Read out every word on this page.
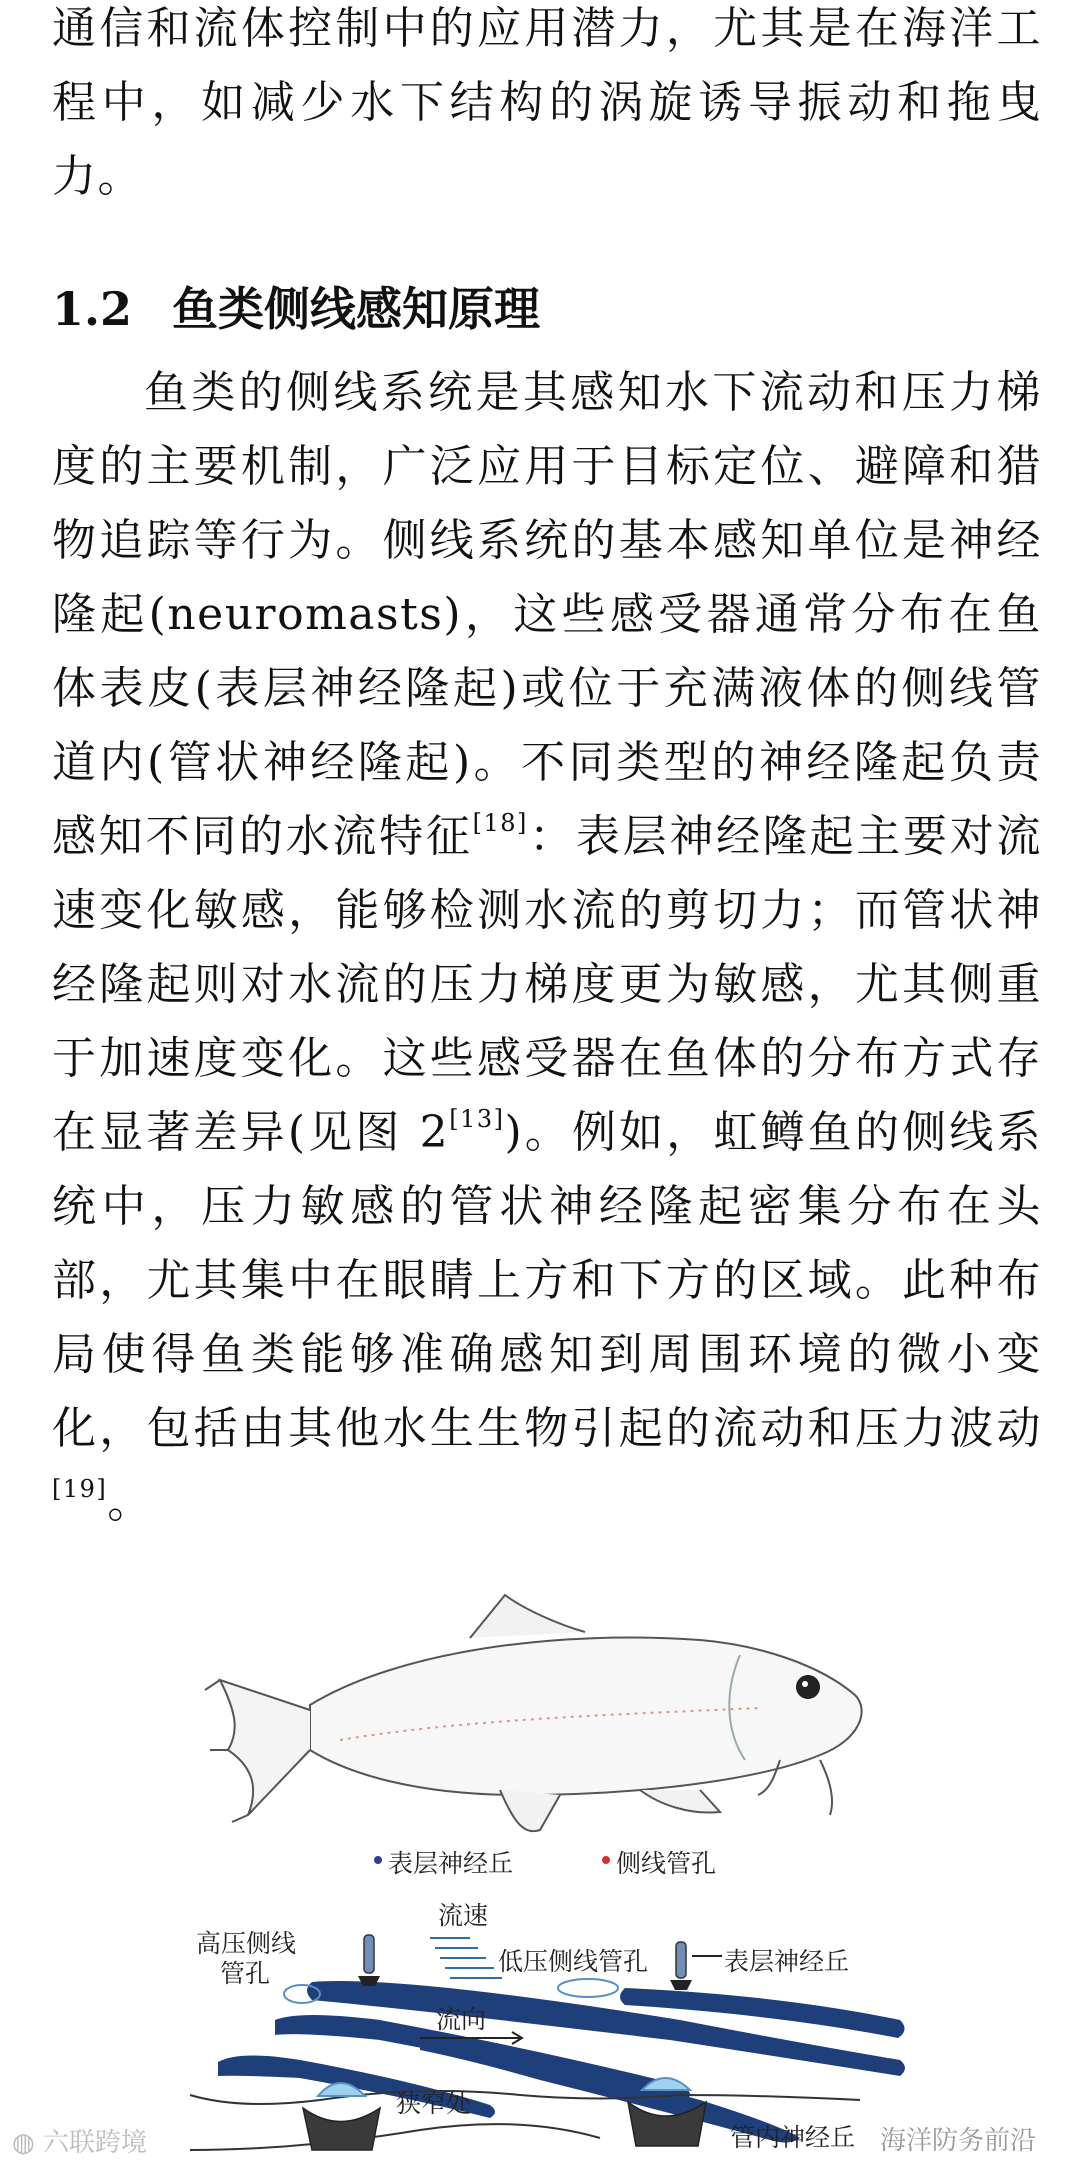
通信和流体控制中的应用潜力，尤其是在海洋工程中，如减少水下结构的涡旋诱导振动和拖曳力。

1.2 鱼类侧线感知原理

鱼类的侧线系统是其感知水下流动和压力梯度的主要机制，广泛应用于目标定位、避障和猎物追踪等行为。侧线系统的基本感知单位是神经隆起(neuromasts)，这些感受器通常分布在鱼体表皮(表层神经隆起)或位于充满液体的侧线管道内(管状神经隆起)。不同类型的神经隆起负责感知不同的水流特征[18]：表层神经隆起主要对流速变化敏感，能够检测水流的剪切力；而管状神经隆起则对水流的压力梯度更为敏感，尤其侧重于加速度变化。这些感受器在鱼体的分布方式存在显著差异(见图 2[13])。例如，虹鳟鱼的侧线系统中，压力敏感的管状神经隆起密集分布在头部，尤其集中在眼睛上方和下方的区域。此种布局使得鱼类能够准确感知到周围环境的微小变化，包括由其他水生生物引起的流动和压力波动[19]。

表层神经丘	侧线管孔
流速
高压侧线
管孔	低压侧线管孔	表层神经丘
流向
狭窄处
管内神经丘
◍ 六联跨境	海洋防务前沿
